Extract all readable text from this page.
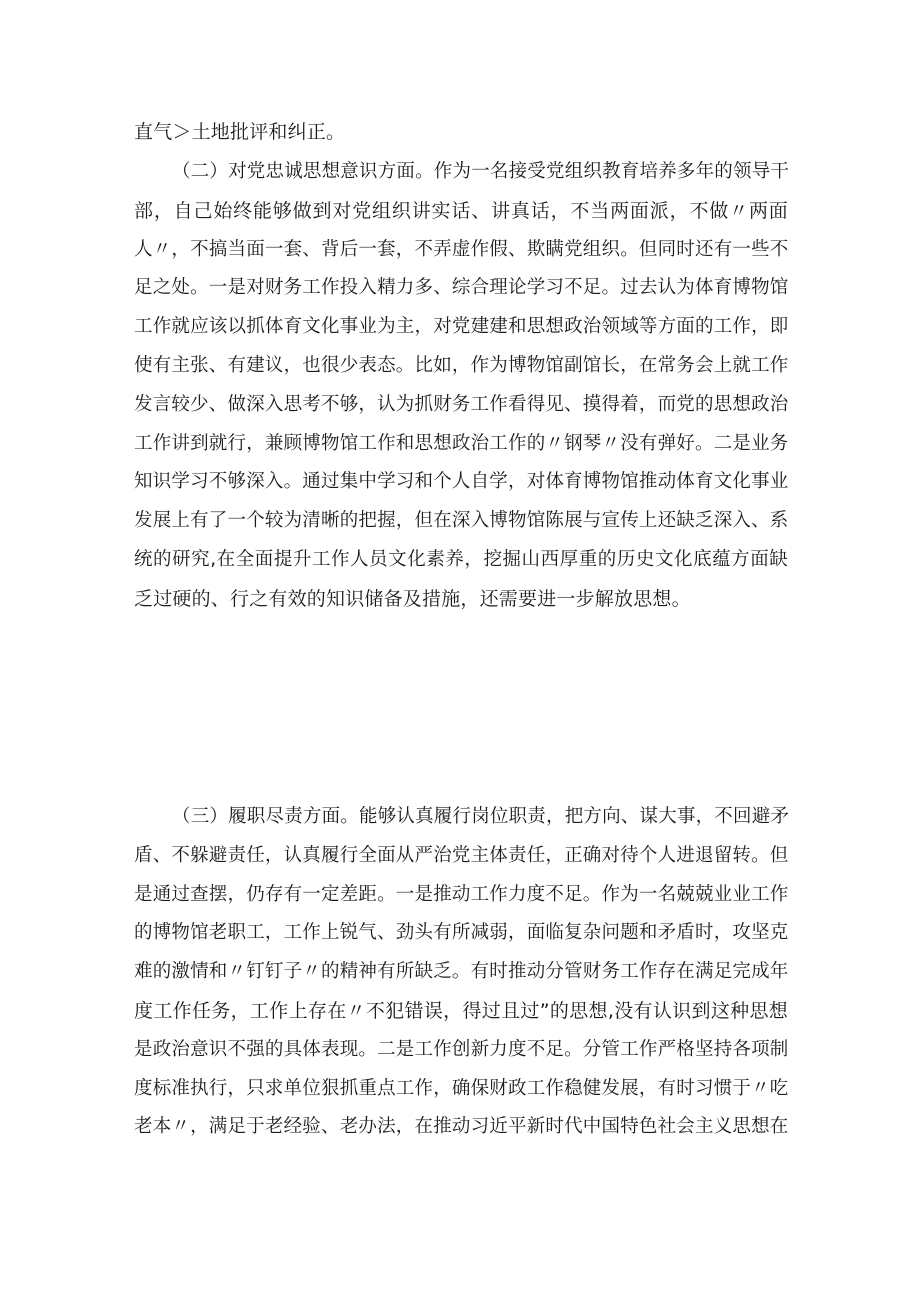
直气＞土地批评和纠正。
（二）对党忠诚思想意识方面。作为一名接受党组织教育培养多年的领导干
部，自己始终能够做到对党组织讲实话、讲真话，不当两面派，不做〃两面
人〃，不搞当面一套、背后一套，不弄虚作假、欺瞒党组织。但同时还有一些不
足之处。一是对财务工作投入精力多、综合理论学习不足。过去认为体育博物馆
工作就应该以抓体育文化事业为主，对党建建和思想政治领域等方面的工作，即
使有主张、有建议，也很少表态。比如，作为博物馆副馆长，在常务会上就工作
发言较少、做深入思考不够，认为抓财务工作看得见、摸得着，而党的思想政治
工作讲到就行，兼顾博物馆工作和思想政治工作的〃钢琴〃没有弹好。二是业务
知识学习不够深入。通过集中学习和个人自学，对体育博物馆推动体育文化事业
发展上有了一个较为清晰的把握，但在深入博物馆陈展与宣传上还缺乏深入、系
统的研究,在全面提升工作人员文化素养，挖掘山西厚重的历史文化底蕴方面缺
乏过硬的、行之有效的知识储备及措施，还需要进一步解放思想。
（三）履职尽责方面。能够认真履行岗位职责，把方向、谋大事，不回避矛
盾、不躲避责任，认真履行全面从严治党主体责任，正确对待个人进退留转。但
是通过查摆，仍存有一定差距。一是推动工作力度不足。作为一名兢兢业业工作
的博物馆老职工，工作上锐气、劲头有所减弱，面临复杂问题和矛盾时，攻坚克
难的激情和〃钉钉子〃的精神有所缺乏。有时推动分管财务工作存在满足完成年
度工作任务，工作上存在〃不犯错误，得过且过”的思想,没有认识到这种思想
是政治意识不强的具体表现。二是工作创新力度不足。分管工作严格坚持各项制
度标准执行，只求单位狠抓重点工作，确保财政工作稳健发展，有时习惯于〃吃
老本〃，满足于老经验、老办法，在推动习近平新时代中国特色社会主义思想在
